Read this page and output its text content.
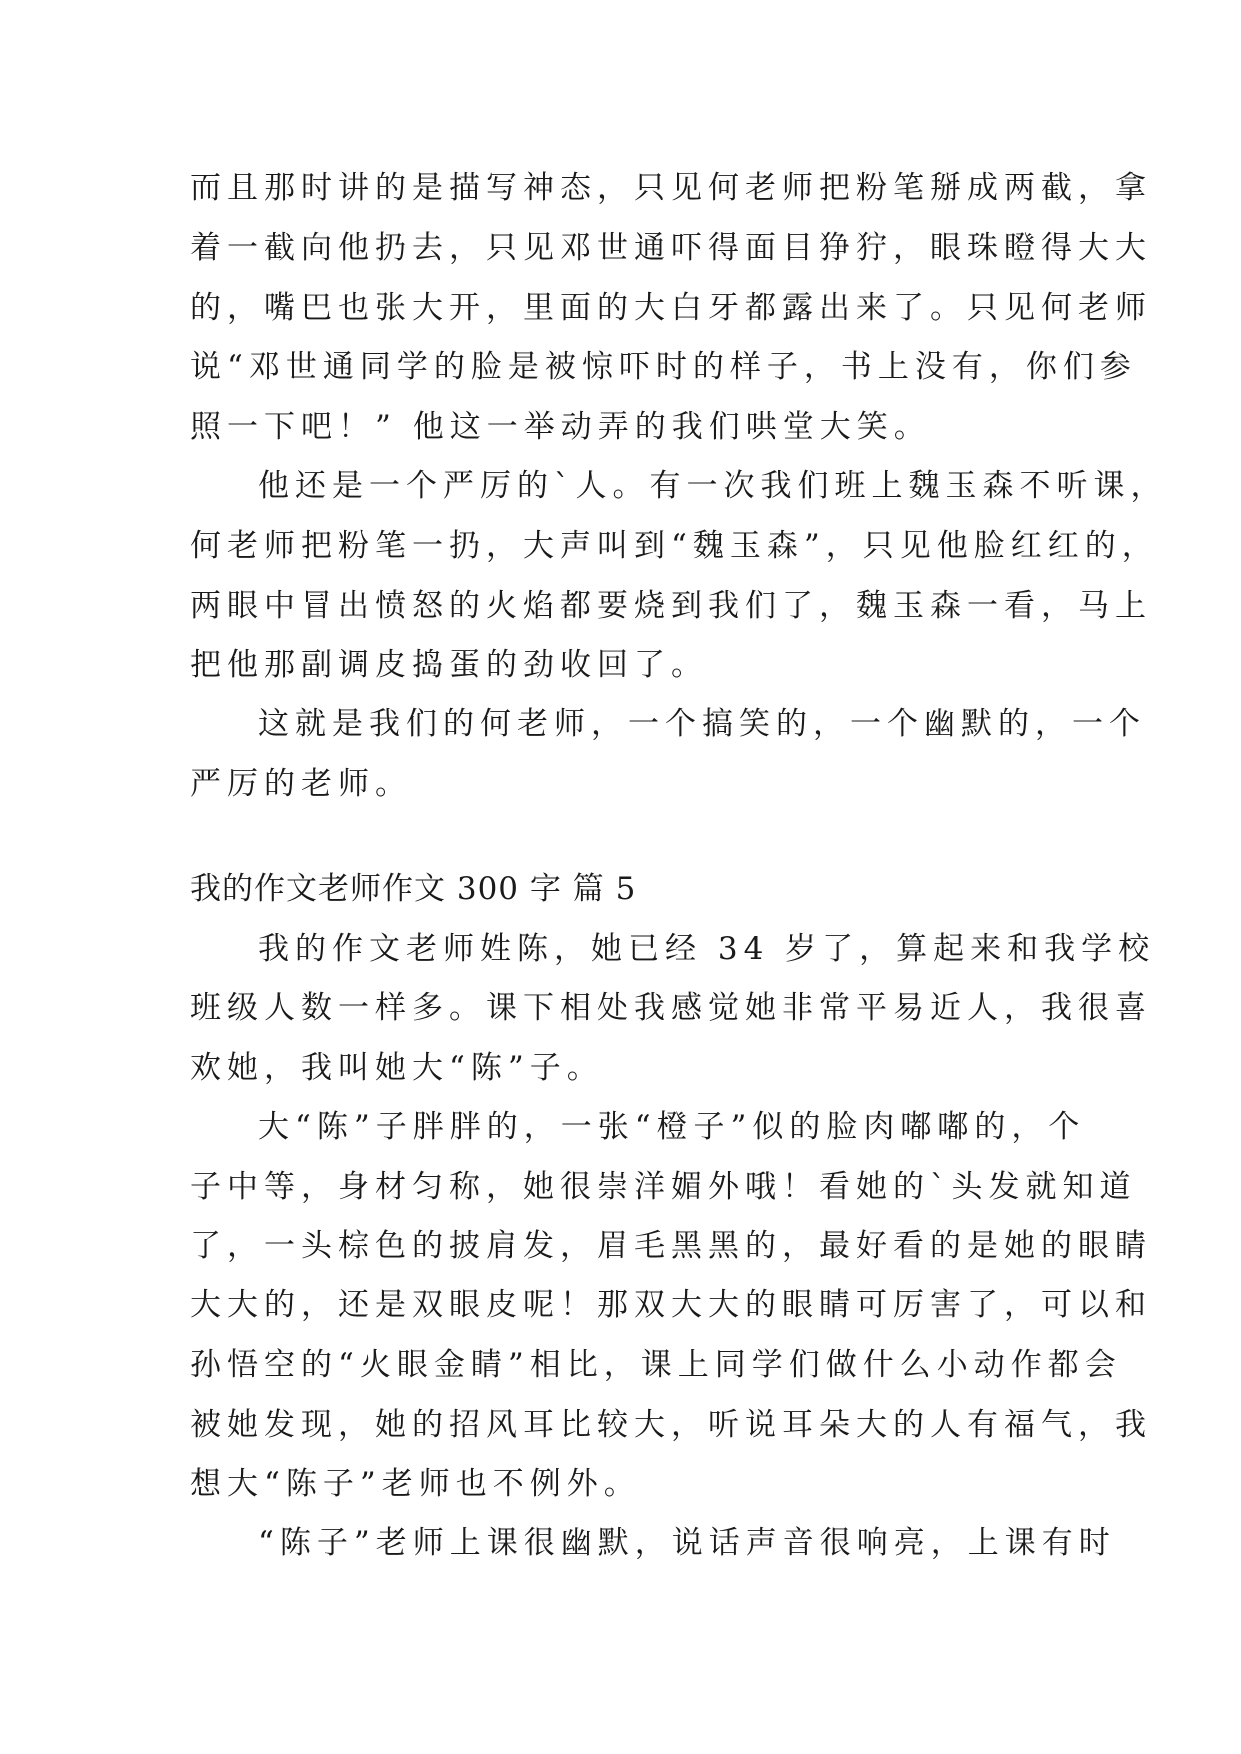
而且那时讲的是描写神态，只见何老师把粉笔掰成两截，拿
着一截向他扔去，只见邓世通吓得面目狰狞，眼珠瞪得大大
的，嘴巴也张大开，里面的大白牙都露出来了。只见何老师
说“邓世通同学的脸是被惊吓时的样子，书上没有，你们参
照一下吧！” 他这一举动弄的我们哄堂大笑。
他还是一个严厉的`人。有一次我们班上魏玉森不听课，
何老师把粉笔一扔，大声叫到“魏玉森”，只见他脸红红的，
两眼中冒出愤怒的火焰都要烧到我们了，魏玉森一看，马上
把他那副调皮捣蛋的劲收回了。
这就是我们的何老师，一个搞笑的，一个幽默的，一个
严厉的老师。
我的作文老师作文 300 字 篇 5
我的作文老师姓陈，她已经 34 岁了，算起来和我学校
班级人数一样多。课下相处我感觉她非常平易近人，我很喜
欢她，我叫她大“陈”子。
大“陈”子胖胖的，一张“橙子”似的脸肉嘟嘟的，个
子中等，身材匀称，她很崇洋媚外哦！看她的`头发就知道
了，一头棕色的披肩发，眉毛黑黑的，最好看的是她的眼睛
大大的，还是双眼皮呢！那双大大的眼睛可厉害了，可以和
孙悟空的“火眼金睛”相比，课上同学们做什么小动作都会
被她发现，她的招风耳比较大，听说耳朵大的人有福气，我
想大“陈子”老师也不例外。
“陈子”老师上课很幽默，说话声音很响亮，上课有时
